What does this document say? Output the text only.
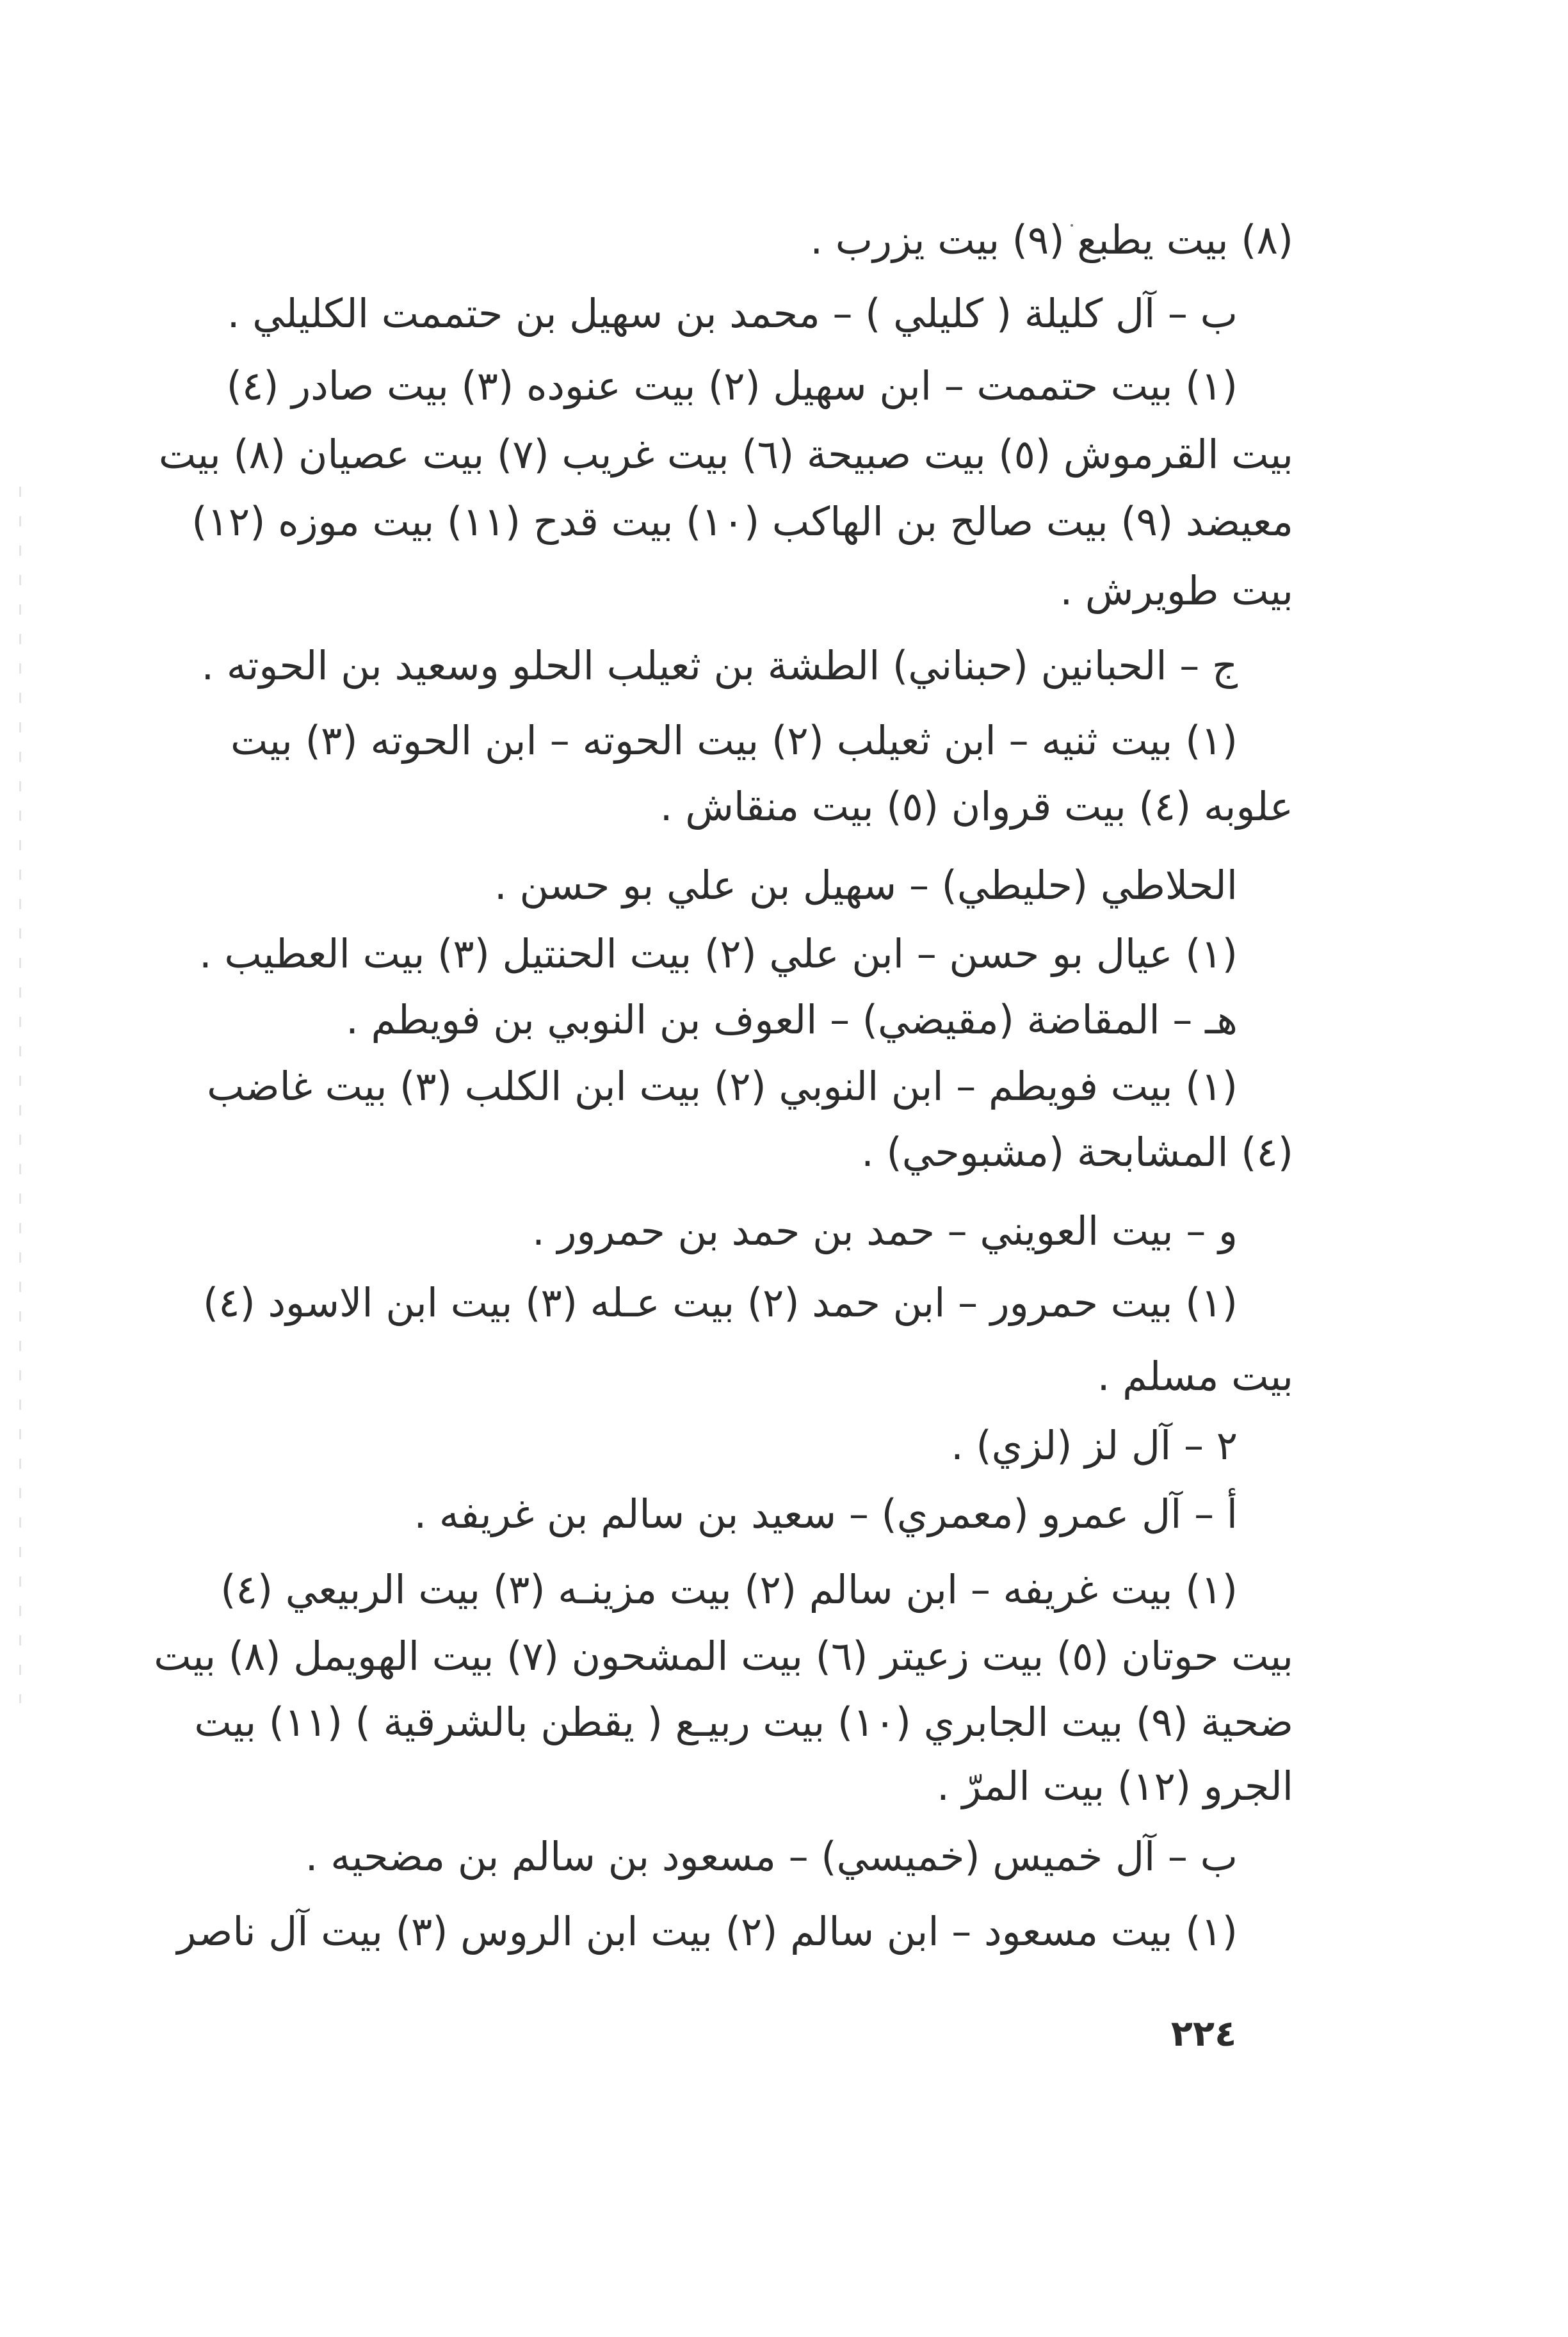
(٨) بيت يطبع (٩) بيت يزرب .
ب – آل كليلة ( كليلي ) – محمد بن سهيل بن حتممت الكليلي .
(١) بيت حتممت – ابن سهيل (٢) بيت عنوده (٣) بيت صادر (٤)
بيت القرموش (٥) بيت صبيحة (٦) بيت غريب (٧) بيت عصيان (٨) بيت
معيضد (٩) بيت صالح بن الهاكب (١٠) بيت قدح (١١) بيت موزه (١٢)
بيت طويرش .
ج – الحبانين (حبناني) الطشة بن ثعيلب الحلو وسعيد بن الحوته .
(١) بيت ثنيه – ابن ثعيلب (٢) بيت الحوته – ابن الحوته (٣) بيت
علوبه (٤) بيت قروان (٥) بيت منقاش .
الحلاطي (حليطي) – سهيل بن علي بو حسن .
(١) عيال بو حسن – ابن علي (٢) بيت الحنتيل (٣) بيت العطيب .
هـ – المقاضة (مقيضي) – العوف بن النوبي بن فويطم .
(١) بيت فويطم – ابن النوبي (٢) بيت ابن الكلب (٣) بيت غاضب
(٤) المشابحة (مشبوحي) .
و – بيت العويني – حمد بن حمد بن حمرور .
(١) بيت حمرور – ابن حمد (٢) بيت عـله (٣) بيت ابن الاسود (٤)
بيت مسلم .
٢ – آل لز (لزي) .
أ – آل عمرو (معمري) – سعيد بن سالم بن غريفه .
(١) بيت غريفه – ابن سالم (٢) بيت مزينـه (٣) بيت الربيعي (٤)
بيت حوتان (٥) بيت زعيتر (٦) بيت المشحون (٧) بيت الهويمل (٨) بيت
ضحية (٩) بيت الجابري (١٠) بيت ربيـع ( يقطن بالشرقية ) (١١) بيت
الجرو (١٢) بيت المرّ .
ب – آل خميس (خميسي) – مسعود بن سالم بن مضحيه .
(١) بيت مسعود – ابن سالم (٢) بيت ابن الروس (٣) بيت آل ناصر
٢٢٤
